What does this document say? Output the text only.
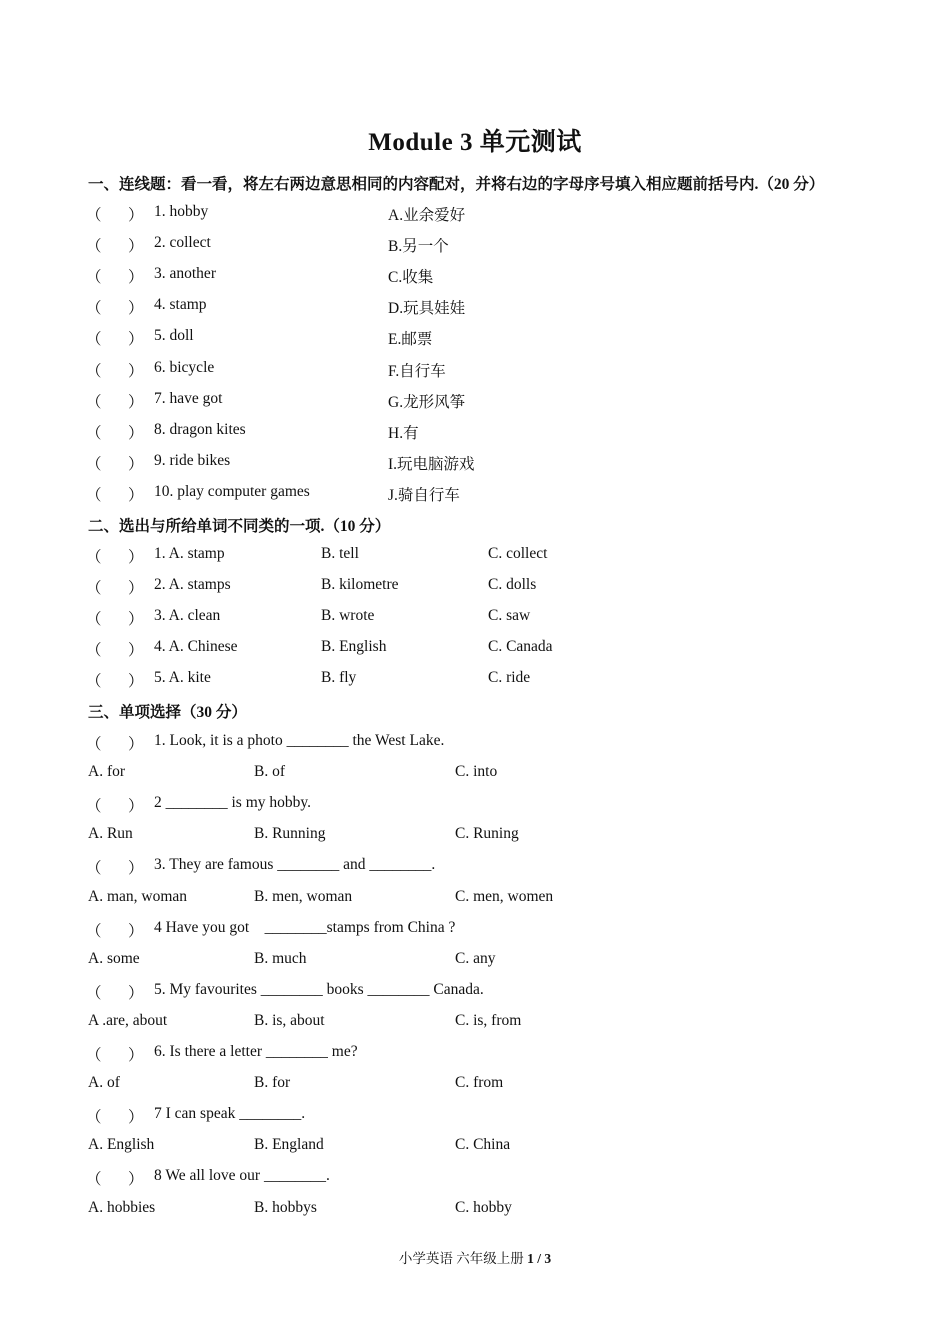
Module 3 单元测试
一、连线题：看一看，将左右两边意思相同的内容配对，并将右边的字母序号填入相应题前括号内.（20 分）
（ ） 1. hobby	A.业余爱好
（ ） 2. collect	B.另一个
（ ） 3. another	C.收集
（ ） 4. stamp	D.玩具娃娃
（ ） 5. doll	E.邮票
（ ） 6. bicycle	F.自行车
（ ） 7. have got	G.龙形风筝
（ ） 8. dragon kites	H.有
（ ） 9. ride bikes	I.玩电脑游戏
（ ） 10. play computer games	J.骑自行车
二、选出与所给单词不同类的一项.（10 分）
（ ） 1. A. stamp	B. tell	C. collect
（ ） 2. A. stamps	B. kilometre	C. dolls
（ ） 3. A. clean	B. wrote	C. saw
（ ） 4. A. Chinese	B. English	C. Canada
（ ） 5. A. kite	B. fly	C. ride
三、单项选择（30 分）
（ ） 1. Look, it is a photo ________ the West Lake.
A. for	B. of	C. into
（ ） 2 ________ is my hobby.
A. Run	B. Running	C. Runing
（ ） 3. They are famous ________ and ________.
A. man, woman	B. men, woman	C. men, women
（ ） 4 Have you got    ________stamps from China ?
A. some	B. much	C. any
（ ） 5. My favourites ________ books ________ Canada.
A .are, about	B. is, about	C. is, from
（ ） 6. Is there a letter ________ me?
A. of	B. for	C. from
（ ） 7 I can speak ________.
A. English	B. England	C. China
（ ） 8 We all love our ________.
A. hobbies	B. hobbys	C. hobby
小学英语 六年级上册 1 / 3
